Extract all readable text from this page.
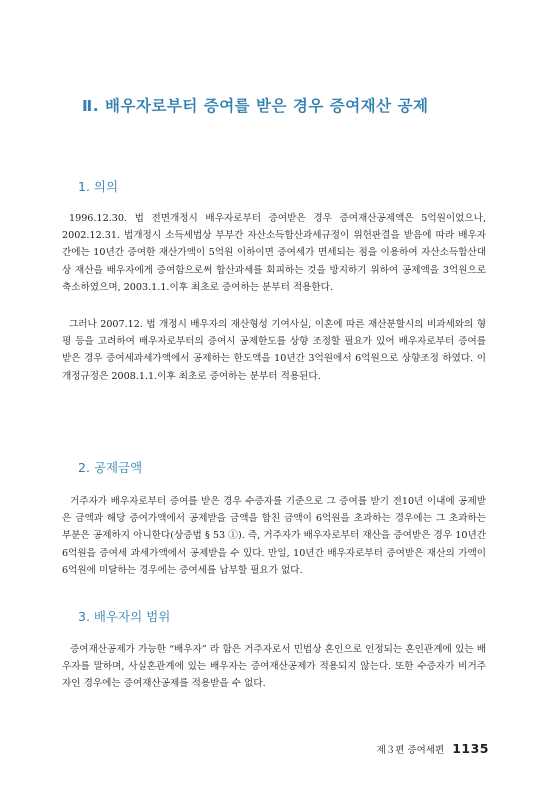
Ⅱ. 배우자로부터 증여를 받은 경우 증여재산 공제
1. 의의
1996.12.30. 법 전면개정시 배우자로부터 증여받은 경우 증여재산공제액은 5억원이었으나, 2002.12.31. 법개정시 소득세법상 부부간 자산소득합산과세규정이 위헌판결을 받음에 따라 배우자간에는 10년간 증여한 재산가액이 5억원 이하이면 증여세가 면세되는 점을 이용하여 자산소득합산대상 재산을 배우자에게 증여함으로써 합산과세를 회피하는 것을 방지하기 위하여 공제액을 3억원으로 축소하였으며, 2003.1.1.이후 최초로 증여하는 분부터 적용한다.
그러나 2007.12. 법 개정시 배우자의 재산형성 기여사실, 이혼에 따른 재산분할시의 비과세와의 형평 등을 고려하여 배우자로부터의 증여시 공제한도를 상향 조정할 필요가 있어 배우자로부터 증여를 받은 경우 증여세과세가액에서 공제하는 한도액을 10년간 3억원에서 6억원으로 상향조정 하였다. 이 개정규정은 2008.1.1.이후 최초로 증여하는 분부터 적용된다.
2. 공제금액
거주자가 배우자로부터 증여를 받은 경우 수증자를 기준으로 그 증여를 받기 전10년 이내에 공제받은 금액과 해당 증여가액에서 공제받을 금액을 합친 금액이 6억원을 초과하는 경우에는 그 초과하는 부분은 공제하지 아니한다(상증법 § 53 ①). 즉, 거주자가 배우자로부터 재산을 증여받은 경우 10년간 6억원을 증여세 과세가액에서 공제받을 수 있다. 만일, 10년간 배우자로부터 증여받은 재산의 가액이 6억원에 미달하는 경우에는 증여세를 납부할 필요가 없다.
3. 배우자의 범위
증여재산공제가 가능한 “배우자” 라 함은 거주자로서 민법상 혼인으로 인정되는 혼인관계에 있는 배우자를 말하며, 사실혼관계에 있는 배우자는 증여재산공제가 적용되지 않는다. 또한 수증자가 비거주자인 경우에는 증여재산공제를 적용받을 수 없다.
제３편 증여세편 1135
